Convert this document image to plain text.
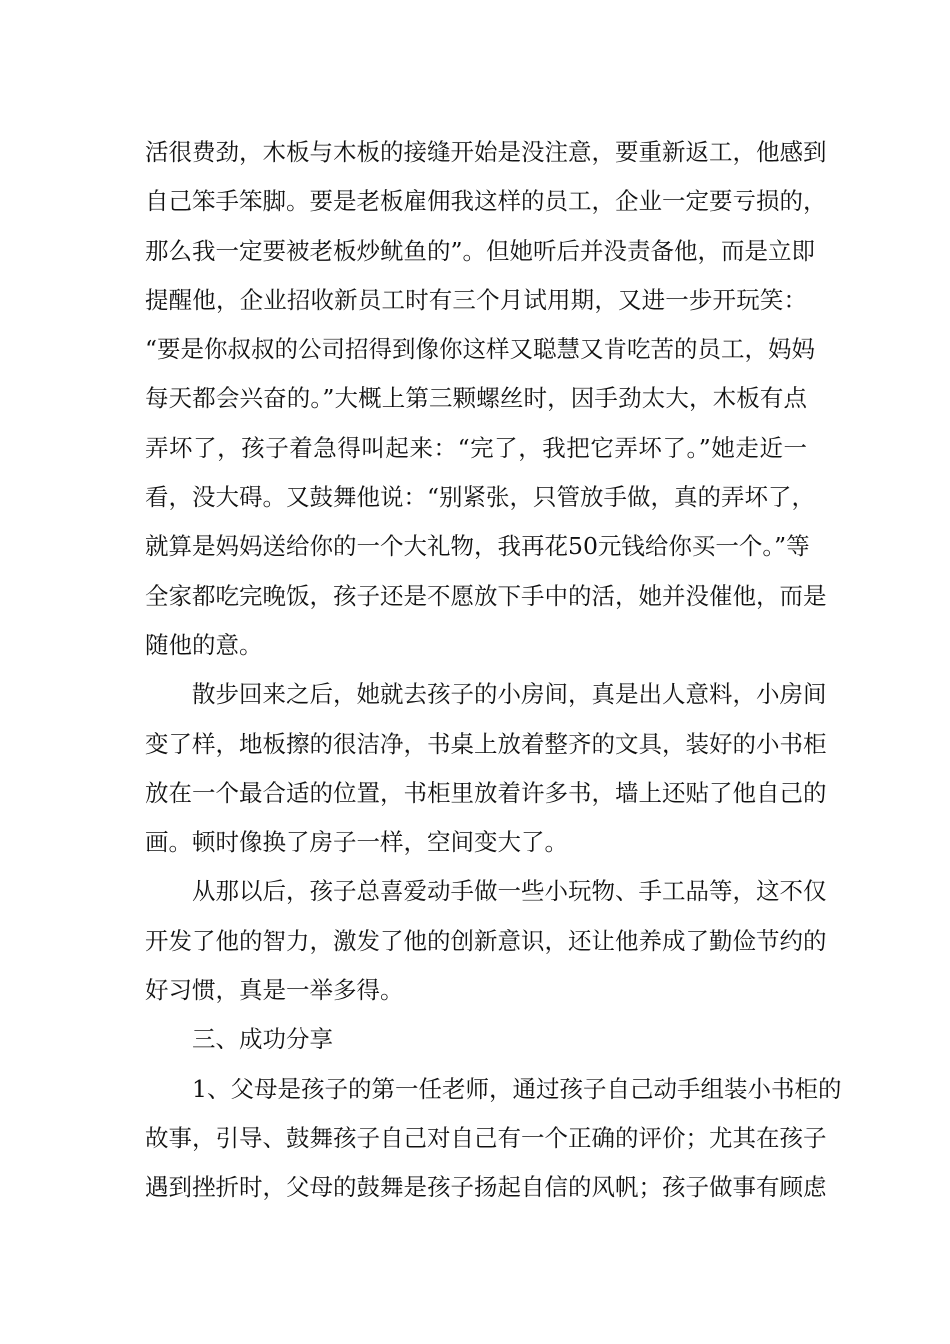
活很费劲，木板与木板的接缝开始是没注意，要重新返工，他感到
自己笨手笨脚。要是老板雇佣我这样的员工，企业一定要亏损的，
那么我一定要被老板炒鱿鱼的”。但她听后并没责备他，而是立即
提醒他，企业招收新员工时有三个月试用期，又进一步开玩笑：
“要是你叔叔的公司招得到像你这样又聪慧又肯吃苦的员工，妈妈
每天都会兴奋的。”大概上第三颗螺丝时，因手劲太大，木板有点
弄坏了，孩子着急得叫起来：“完了，我把它弄坏了。”她走近一
看，没大碍。又鼓舞他说：“别紧张，只管放手做，真的弄坏了，
就算是妈妈送给你的一个大礼物，我再花50元钱给你买一个。”等
全家都吃完晚饭，孩子还是不愿放下手中的活，她并没催他，而是
随他的意。
散步回来之后，她就去孩子的小房间，真是出人意料，小房间
变了样，地板擦的很洁净，书桌上放着整齐的文具，装好的小书柜
放在一个最合适的位置，书柜里放着许多书，墙上还贴了他自己的
画。顿时像换了房子一样，空间变大了。
从那以后，孩子总喜爱动手做一些小玩物、手工品等，这不仅
开发了他的智力，激发了他的创新意识，还让他养成了勤俭节约的
好习惯，真是一举多得。
三、成功分享
1、父母是孩子的第一任老师，通过孩子自己动手组装小书柜的
故事，引导、鼓舞孩子自己对自己有一个正确的评价；尤其在孩子
遇到挫折时，父母的鼓舞是孩子扬起自信的风帆；孩子做事有顾虑
